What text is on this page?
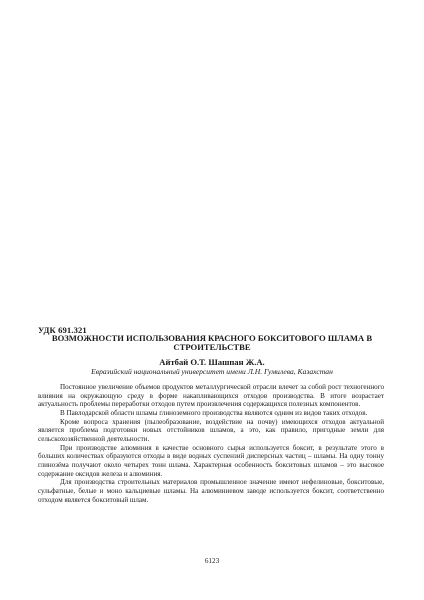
УДК 691.321
ВОЗМОЖНОСТИ ИСПОЛЬЗОВАНИЯ КРАСНОГО БОКСИТОВОГО ШЛАМА В
СТРОИТЕЛЬСТВЕ
Айтбай О.Т. Шашпан Ж.А.
Евразийский национальный университет имени Л.Н. Гумилева, Казахстан

Постоянное увеличение объемов продуктов металлургической отрасли влечет за собой рост техногенного влияния на окружающую среду в форме накапливающихся отходов производства. В итоге возрастает актуальность проблемы переработки отходов путем произвлечения содержащихся полезных компонентов.

В Павлодарской области шламы глиноземного производства являются одним из видов таких отходов.

Кроме вопроса хранения (пылеобразование, воздействие на почву) имеющихся отходов актуальной является проблема подготовки новых отстойников шламов, а это, как правило, пригодные земли для сельскохозяйственной деятельности.

При производстве алюминия в качестве основного сырья используется боксит, в результате этого в больших количествах образуются отходы в виде водных суспензий дисперсных частиц – шламы. На одну тонну глинозёма получают около четырех тонн шлама. Характерная особенность бокситовых шламов – это высокое содержание оксидов железа и алюминия.

Для производства строительных материалов промышленное значение имеют нефелиновые, бокситовые, сульфатные, белые и моно кальциевые шламы. На алюминиевом заводе используется боксит, соответственно отходом является бокситовый шлам.

6123
